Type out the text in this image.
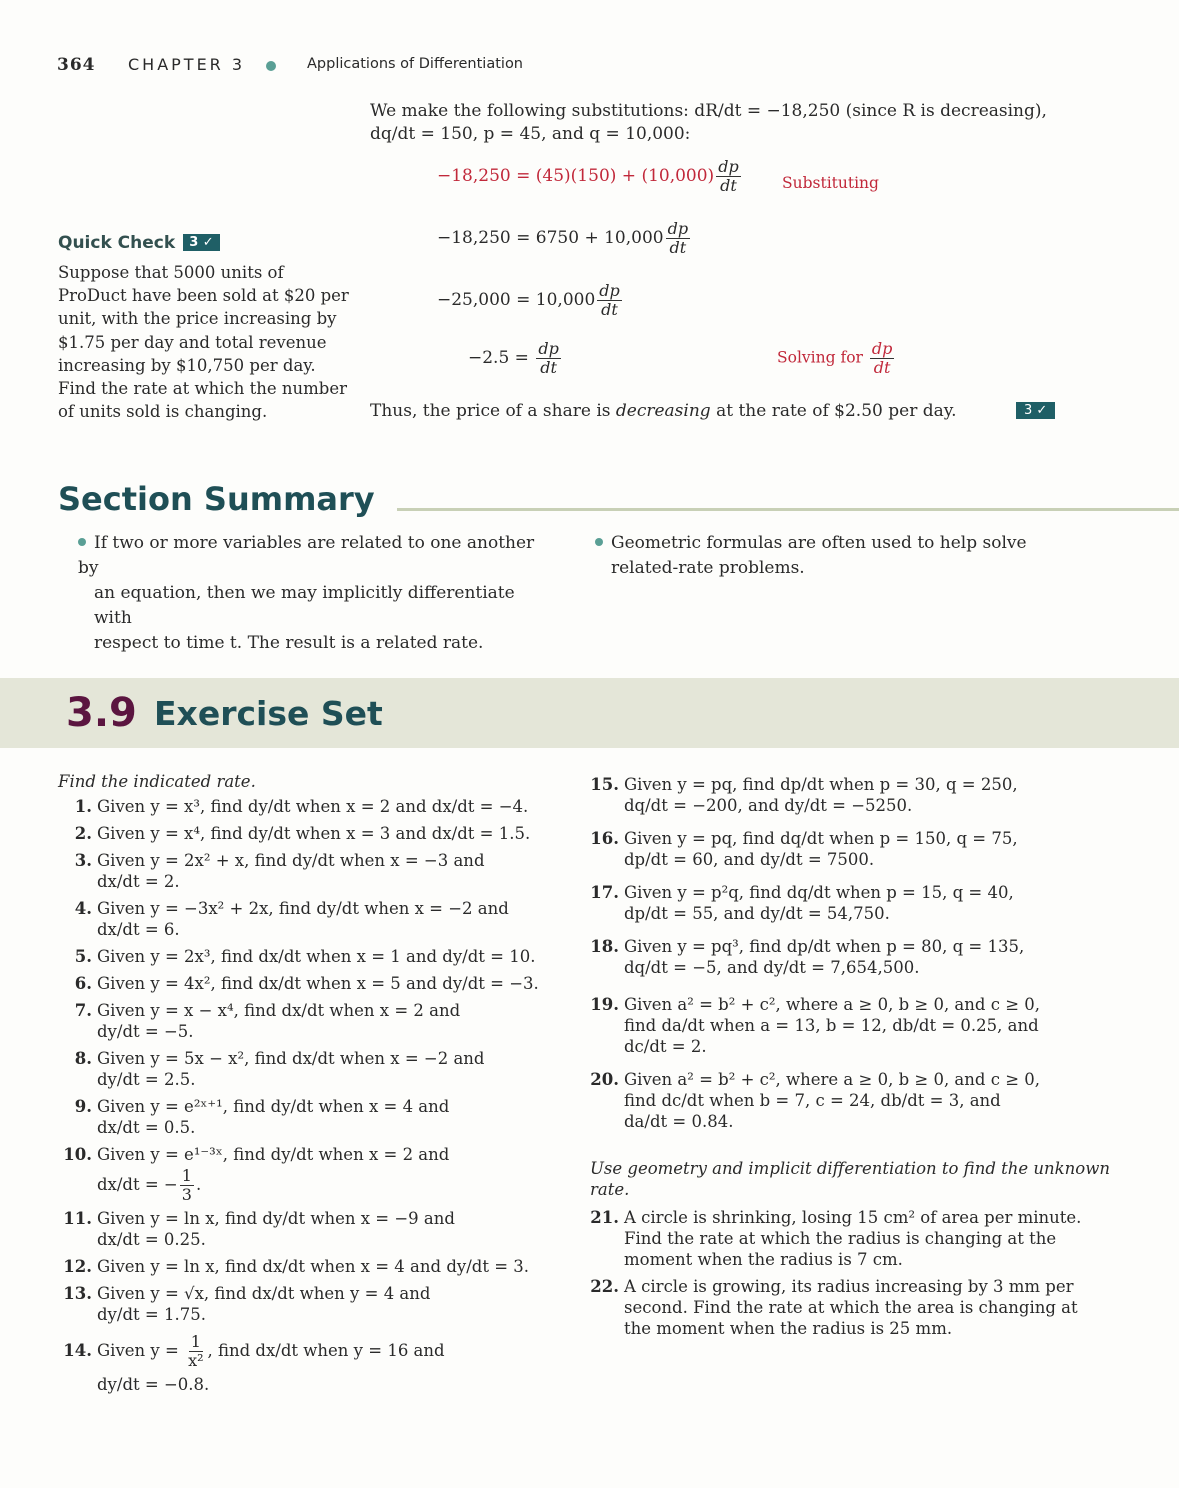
364 CHAPTER 3	Applications of Differentiation
We make the following substitutions: dR/dt = −18,250 (since R is decreasing),
dq/dt = 150, p = 45, and q = 10,000:
$-18,250 = (45)(150) + (10,000) \frac{dp}{dt}$	Substituting
$-18,250 = 6750 + 10,000 \frac{dp}{dt}$
$-25,000 = 10,000 \frac{dp}{dt}$
$-2.5 = \frac{dp}{dt}$	Solving for $\frac{dp}{dt}$
Thus, the price of a share is decreasing at the rate of $2.50 per day.	3 ✓
Quick Check 3 ✓
Suppose that 5000 units of
ProDuct have been sold at $20 per
unit, with the price increasing by
$1.75 per day and total revenue
increasing by $10,750 per day.
Find the rate at which the number
of units sold is changing.
Section Summary
If two or more variables are related to one another by
an equation, then we may implicitly differentiate with
respect to time t. The result is a related rate.
Geometric formulas are often used to help solve
related-rate problems.
3.9 Exercise Set
Find the indicated rate.
1. Given y = x³, find dy/dt when x = 2 and dx/dt = −4.
2. Given y = x⁴, find dy/dt when x = 3 and dx/dt = 1.5.
3. Given y = 2x² + x, find dy/dt when x = −3 and
dx/dt = 2.
4. Given y = −3x² + 2x, find dy/dt when x = −2 and
dx/dt = 6.
5. Given y = 2x³, find dx/dt when x = 1 and dy/dt = 10.
6. Given y = 4x², find dx/dt when x = 5 and dy/dt = −3.
7. Given y = x − x⁴, find dx/dt when x = 2 and
dy/dt = −5.
8. Given y = 5x − x², find dx/dt when x = −2 and
dy/dt = 2.5.
9. Given y = e²ˣ⁺¹, find dy/dt when x = 4 and
dx/dt = 0.5.
10. Given y = e¹⁻³ˣ, find dy/dt when x = 2 and
dx/dt = − $\frac{1}{3}$ .
11. Given y = ln x, find dy/dt when x = −9 and
dx/dt = 0.25.
12. Given y = ln x, find dx/dt when x = 4 and dy/dt = 3.
13. Given y = √x, find dx/dt when y = 4 and
dy/dt = 1.75.
14. Given $y = \frac{1}{\text{x²}}$ , find dx/dt when y = 16 and
dy/dt = −0.8.
15. Given y = pq, find dp/dt when p = 30, q = 250,
dq/dt = −200, and dy/dt = −5250.
16. Given y = pq, find dq/dt when p = 150, q = 75,
dp/dt = 60, and dy/dt = 7500.
17. Given y = p²q, find dq/dt when p = 15, q = 40,
dp/dt = 55, and dy/dt = 54,750.
18. Given y = pq³, find dp/dt when p = 80, q = 135,
dq/dt = −5, and dy/dt = 7,654,500.
19. Given a² = b² + c², where a ≥ 0, b ≥ 0, and c ≥ 0,
find da/dt when a = 13, b = 12, db/dt = 0.25, and
dc/dt = 2.
20. Given a² = b² + c², where a ≥ 0, b ≥ 0, and c ≥ 0,
find dc/dt when b = 7, c = 24, db/dt = 3, and
da/dt = 0.84.
Use geometry and implicit differentiation to find the unknown
rate.
21. A circle is shrinking, losing 15 cm² of area per minute.
Find the rate at which the radius is changing at the
moment when the radius is 7 cm.
22. A circle is growing, its radius increasing by 3 mm per
second. Find the rate at which the area is changing at
the moment when the radius is 25 mm.
